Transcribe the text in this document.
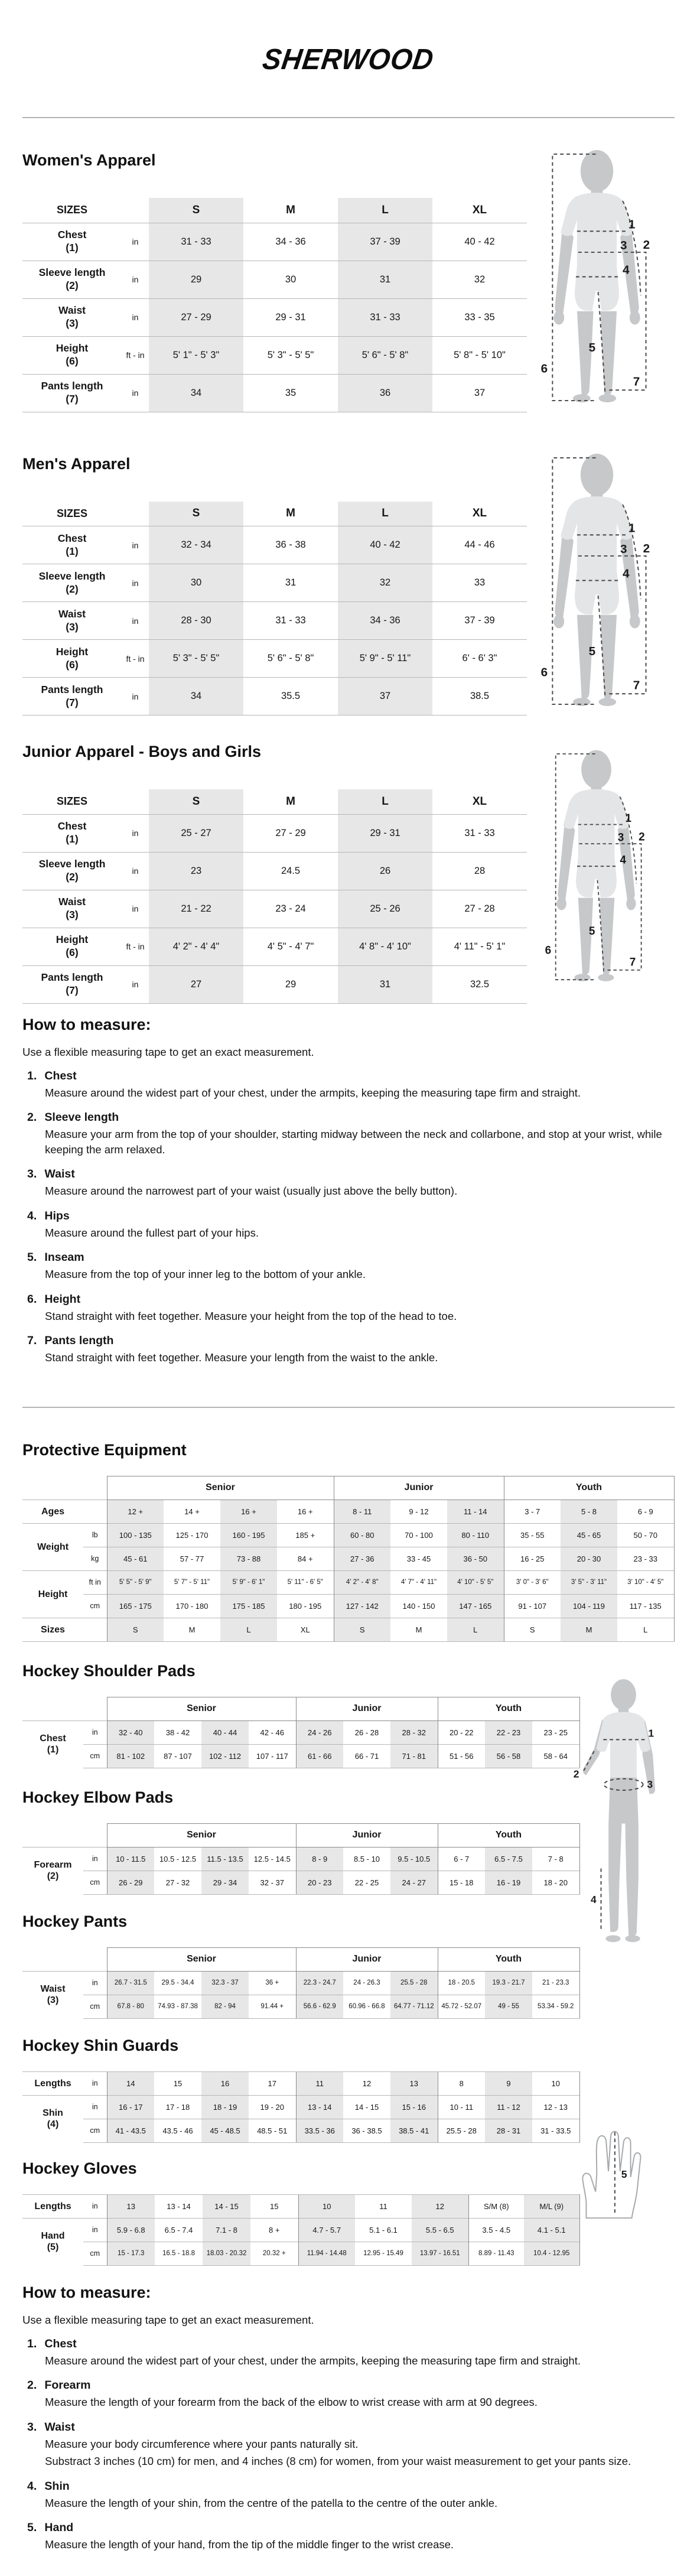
SHERWOOD
Women's Apparel
SIZES		S	M	L	XL

Chest
(1)	in	31 - 33	34 - 36	37 - 39	40 - 42

Sleeve length
(2)	in	29	30	31	32

Waist
(3)	in	27 - 29	29 - 31	31 - 33	33 - 35

Height
(6)	ft - in	5' 1" - 5' 3"	5' 3" - 5' 5"	5' 6" - 5' 8"	5' 8" - 5' 10"

Pants length
(7)	in	34	35	36	37
1
2
3
4
5
6
7
Men's Apparel
SIZES		S	M	L	XL

Chest
(1)	in	32 - 34	36 - 38	40 - 42	44 - 46

Sleeve length
(2)	in	30	31	32	33

Waist
(3)	in	28 - 30	31 - 33	34 - 36	37 - 39

Height
(6)	ft - in	5' 3" - 5' 5"	5' 6" - 5' 8"	5' 9" - 5' 11"	6' - 6' 3"

Pants length
(7)	in	34	35.5	37	38.5
1
2
3
4
5
6
7
Junior Apparel - Boys and Girls
SIZES		S	M	L	XL

Chest
(1)	in	25 - 27	27 - 29	29 - 31	31 - 33

Sleeve length
(2)	in	23	24.5	26	28

Waist
(3)	in	21 - 22	23 - 24	25 - 26	27 - 28

Height
(6)	ft - in	4' 2" - 4' 4"	4' 5" - 4' 7"	4' 8" - 4' 10"	4' 11" - 5' 1"

Pants length
(7)	in	27	29	31	32.5
1
2
3
4
5
6
7
How to measure:
Use a flexible measuring tape to get an exact measurement.
1. Chest
Measure around the widest part of your chest, under the armpits, keeping the measuring tape firm and straight.
2. Sleeve length
Measure your arm from the top of your shoulder, starting midway between the neck and collarbone, and stop at your wrist, while keeping the arm relaxed.
3. Waist
Measure around the narrowest part of your waist (usually just above the belly button).
4. Hips
Measure around the fullest part of your hips.
5. Inseam
Measure from the top of your inner leg to the bottom of your ankle.
6. Height
Stand straight with feet together. Measure your height from the top of the head to toe.
7. Pants length
Stand straight with feet together. Measure your length from the waist to the ankle.
Protective Equipment
		Senior				Junior			Youth		

Ages		12 +	14 +	16 +	16 +	8 - 11	9 - 12	11 - 14	3 - 7	5 - 8	6 - 9

Weight	lb	100 - 135	125 - 170	160 - 195	185 +	60 - 80	70 - 100	80 - 110	35 - 55	45 - 65	50 - 70
	kg	45 - 61	57 - 77	73 - 88	84 +	27 - 36	33 - 45	36 - 50	16 - 25	20 - 30	23 - 33

Height	ft in	5' 5" - 5' 9"	5' 7" - 5' 11"	5' 9" - 6' 1"	5' 11" - 6' 5"	4' 2" - 4' 8"	4' 7" - 4' 11"	4' 10" - 5' 5"	3' 0" - 3' 6"	3' 5" - 3' 11"	3' 10" - 4' 5"
	cm	165 - 175	170 - 180	175 - 185	180 - 195	127 - 142	140 - 150	147 - 165	91 - 107	104 - 119	117 - 135

Sizes		S	M	L	XL	S	M	L	S	M	L
Hockey Shoulder Pads
		Senior				Junior			Youth		

Chest
(1)	in	32 - 40	38 - 42	40 - 44	42 - 46	24 - 26	26 - 28	28 - 32	20 - 22	22 - 23	23 - 25
	cm	81 - 102	87 - 107	102 - 112	107 - 117	61 - 66	66 - 71	71 - 81	51 - 56	56 - 58	58 - 64
Hockey Elbow Pads
		Senior				Junior			Youth		

Forearm
(2)	in	10 - 11.5	10.5 - 12.5	11.5 - 13.5	12.5 - 14.5	8 - 9	8.5 - 10	9.5 - 10.5	6 - 7	6.5 - 7.5	7 - 8
	cm	26 - 29	27 - 32	29 - 34	32 - 37	20 - 23	22 - 25	24 - 27	15 - 18	16 - 19	18 - 20
Hockey Pants
		Senior				Junior			Youth		

Waist
(3)	in	26.7 - 31.5	29.5 - 34.4	32.3 - 37	36 +	22.3 - 24.7	24 - 26.3	25.5 - 28	18 - 20.5	19.3 - 21.7	21 - 23.3
	cm	67.8 - 80	74.93 - 87.38	82 - 94	91.44 +	56.6 - 62.9	60.96 - 66.8	64.77 - 71.12	45.72 - 52.07	49 - 55	53.34 - 59.2
1
2
3
4
Hockey Shin Guards
Lengths	in	14	15	16	17	11	12	13	8	9	10

Shin
(4)	in	16 - 17	17 - 18	18 - 19	19 - 20	13 - 14	14 - 15	15 - 16	10 - 11	11 - 12	12 - 13
	cm	41 - 43.5	43.5 - 46	45 - 48.5	48.5 - 51	33.5 - 36	36 - 38.5	38.5 - 41	25.5 - 28	28 - 31	31 - 33.5
Hockey Gloves
Lengths	in	13	13 - 14	14 - 15	15	10	11	12	S/M (8)	M/L (9)

Hand
(5)	in	5.9 - 6.8	6.5 - 7.4	7.1 - 8	8 +	4.7 - 5.7	5.1 - 6.1	5.5 - 6.5	3.5 - 4.5	4.1 - 5.1
	cm	15 - 17.3	16.5 - 18.8	18.03 - 20.32	20.32 +	11.94 - 14.48	12.95 - 15.49	13.97 - 16.51	8.89 - 11.43	10.4 - 12.95
5
How to measure:
Use a flexible measuring tape to get an exact measurement.
1. Chest
Measure around the widest part of your chest, under the armpits, keeping the measuring tape firm and straight.
2. Forearm
Measure the length of your forearm from the back of the elbow to wrist crease with arm at 90 degrees.
3. Waist
Measure your body circumference where your pants naturally sit.
Substract 3 inches (10 cm) for men, and 4 inches (8 cm) for women, from your waist measurement to get your pants size.
4. Shin
Measure the length of your shin, from the centre of the patella to the centre of the outer ankle.
5. Hand
Measure the length of your hand, from the tip of the middle finger to the wrist crease.
